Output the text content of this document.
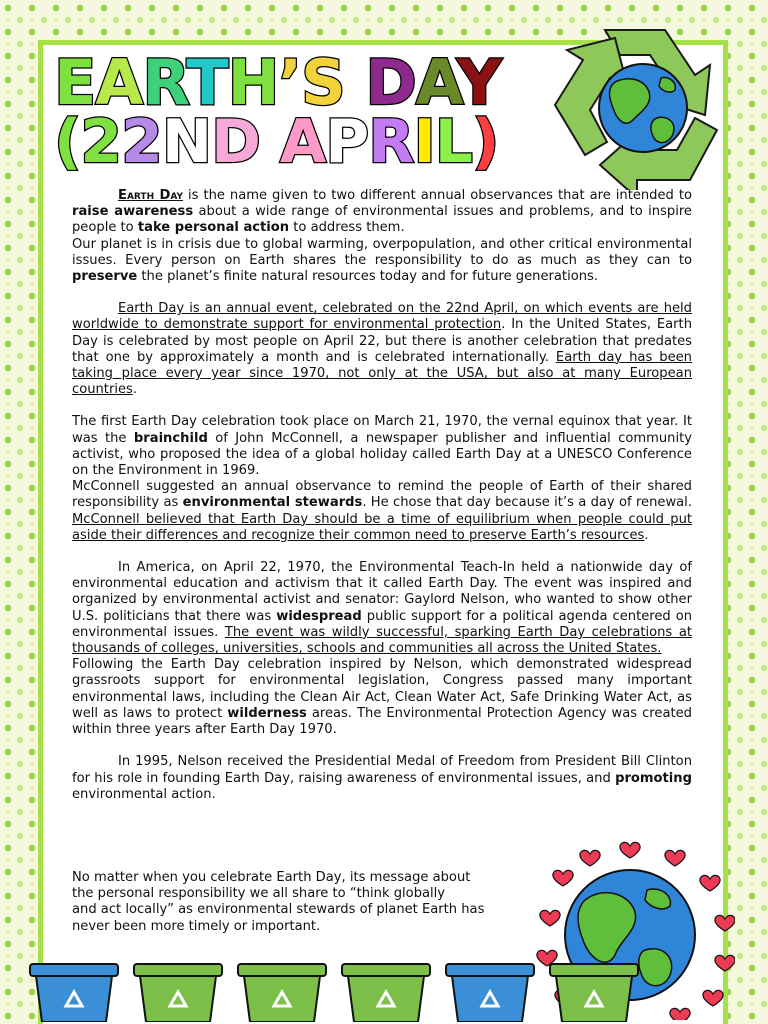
EARTH’S DAY
(22ND APRIL)

Earth Day is the name given to two different annual observances that are intended to raise awareness about a wide range of environmental issues and problems, and to inspire people to take personal action to address them.

Our planet is in crisis due to global warming, overpopulation, and other critical environmental issues. Every person on Earth shares the responsibility to do as much as they can to preserve the planet’s finite natural resources today and for future generations.

Earth Day is an annual event, celebrated on the 22nd April, on which events are held worldwide to demonstrate support for environmental protection. In the United States, Earth Day is celebrated by most people on April 22, but there is another celebration that predates that one by approximately a month and is celebrated internationally. Earth day has been taking place every year since 1970, not only at the USA, but also at many European countries.

The first Earth Day celebration took place on March 21, 1970, the vernal equinox that year. It was the brainchild of John McConnell, a newspaper publisher and influential community activist, who proposed the idea of a global holiday called Earth Day at a UNESCO Conference on the Environment in 1969.

McConnell suggested an annual observance to remind the people of Earth of their shared responsibility as environmental stewards. He chose that day because it’s a day of renewal. McConnell believed that Earth Day should be a time of equilibrium when people could put aside their differences and recognize their common need to preserve Earth’s resources.

In America, on April 22, 1970, the Environmental Teach-In held a nationwide day of environmental education and activism that it called Earth Day. The event was inspired and organized by environmental activist and senator: Gaylord Nelson, who wanted to show other U.S. politicians that there was widespread public support for a political agenda centered on environmental issues. The event was wildly successful, sparking Earth Day celebrations at thousands of colleges, universities, schools and communities all across the United States.

Following the Earth Day celebration inspired by Nelson, which demonstrated widespread grassroots support for environmental legislation, Congress passed many important environmental laws, including the Clean Air Act, Clean Water Act, Safe Drinking Water Act, as well as laws to protect wilderness areas. The Environmental Protection Agency was created within three years after Earth Day 1970.

In 1995, Nelson received the Presidential Medal of Freedom from President Bill Clinton for his role in founding Earth Day, raising awareness of environmental issues, and promoting environmental action.

No matter when you celebrate Earth Day, its message about
the personal responsibility we all share to “think globally
and act locally” as environmental stewards of planet Earth has
never been more timely or important.
